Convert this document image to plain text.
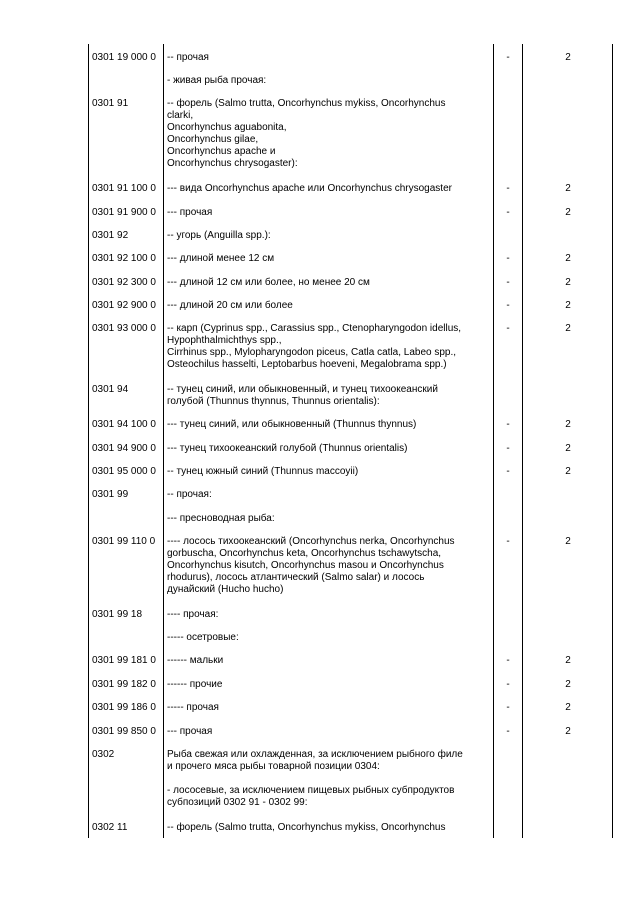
0301 19 000 0	-- прочая	-	2
- живая рыба прочая:
0301 91	-- форель (Salmo trutta, Oncorhynchus mykiss, Oncorhynchus
clarki,
Oncorhynchus aguabonita,
Oncorhynchus gilae,
Oncorhynchus apache и
Oncorhynchus chrysogaster):
0301 91 100 0	--- вида Oncorhynchus apache или Oncorhynchus chrysogaster	-	2
0301 91 900 0	--- прочая	-	2
0301 92	-- угорь (Anguilla spp.):
0301 92 100 0	--- длиной менее 12 см	-	2
0301 92 300 0	--- длиной 12 см или более, но менее 20 см	-	2
0301 92 900 0	--- длиной 20 см или более	-	2
0301 93 000 0	-- карп (Cyprinus spp., Carassius spp., Ctenopharyngodon idellus,
Hypophthalmichthys spp.,
Cirrhinus spp., Mylopharyngodon piceus, Catla catla, Labeo spp.,
Osteochilus hasselti, Leptobarbus hoeveni, Megalobrama spp.)
-	2
0301 94	-- тунец синий, или обыкновенный, и тунец тихоокеанский
голубой (Thunnus thynnus, Thunnus orientalis):
0301 94 100 0	--- тунец синий, или обыкновенный (Thunnus thynnus)	-	2
0301 94 900 0	--- тунец тихоокеанский голубой (Thunnus orientalis)	-	2
0301 95 000 0	-- тунец южный синий (Thunnus maccoyii)	-	2
0301 99	-- прочая:
--- пресноводная рыба:
0301 99 110 0	---- лосось тихоокеанский (Oncorhynchus nerka, Oncorhynchus
gorbuscha, Oncorhynchus keta, Oncorhynchus tschawytscha,
Oncorhynchus kisutch, Oncorhynchus masou и Oncorhynchus
rhodurus), лосось атлантический (Salmo salar) и лосось
дунайский (Hucho hucho)
-	2
0301 99 18	---- прочая:
----- осетровые:
0301 99 181 0	------ мальки	-	2
0301 99 182 0	------ прочие	-	2
0301 99 186 0	----- прочая	-	2
0301 99 850 0	--- прочая	-	2
0302	Рыба свежая или охлажденная, за исключением рыбного филе
и прочего мяса рыбы товарной позиции 0304:
- лососевые, за исключением пищевых рыбных субпродуктов
субпозиций 0302 91 - 0302 99:
0302 11	-- форель (Salmo trutta, Oncorhynchus mykiss, Oncorhynchus
